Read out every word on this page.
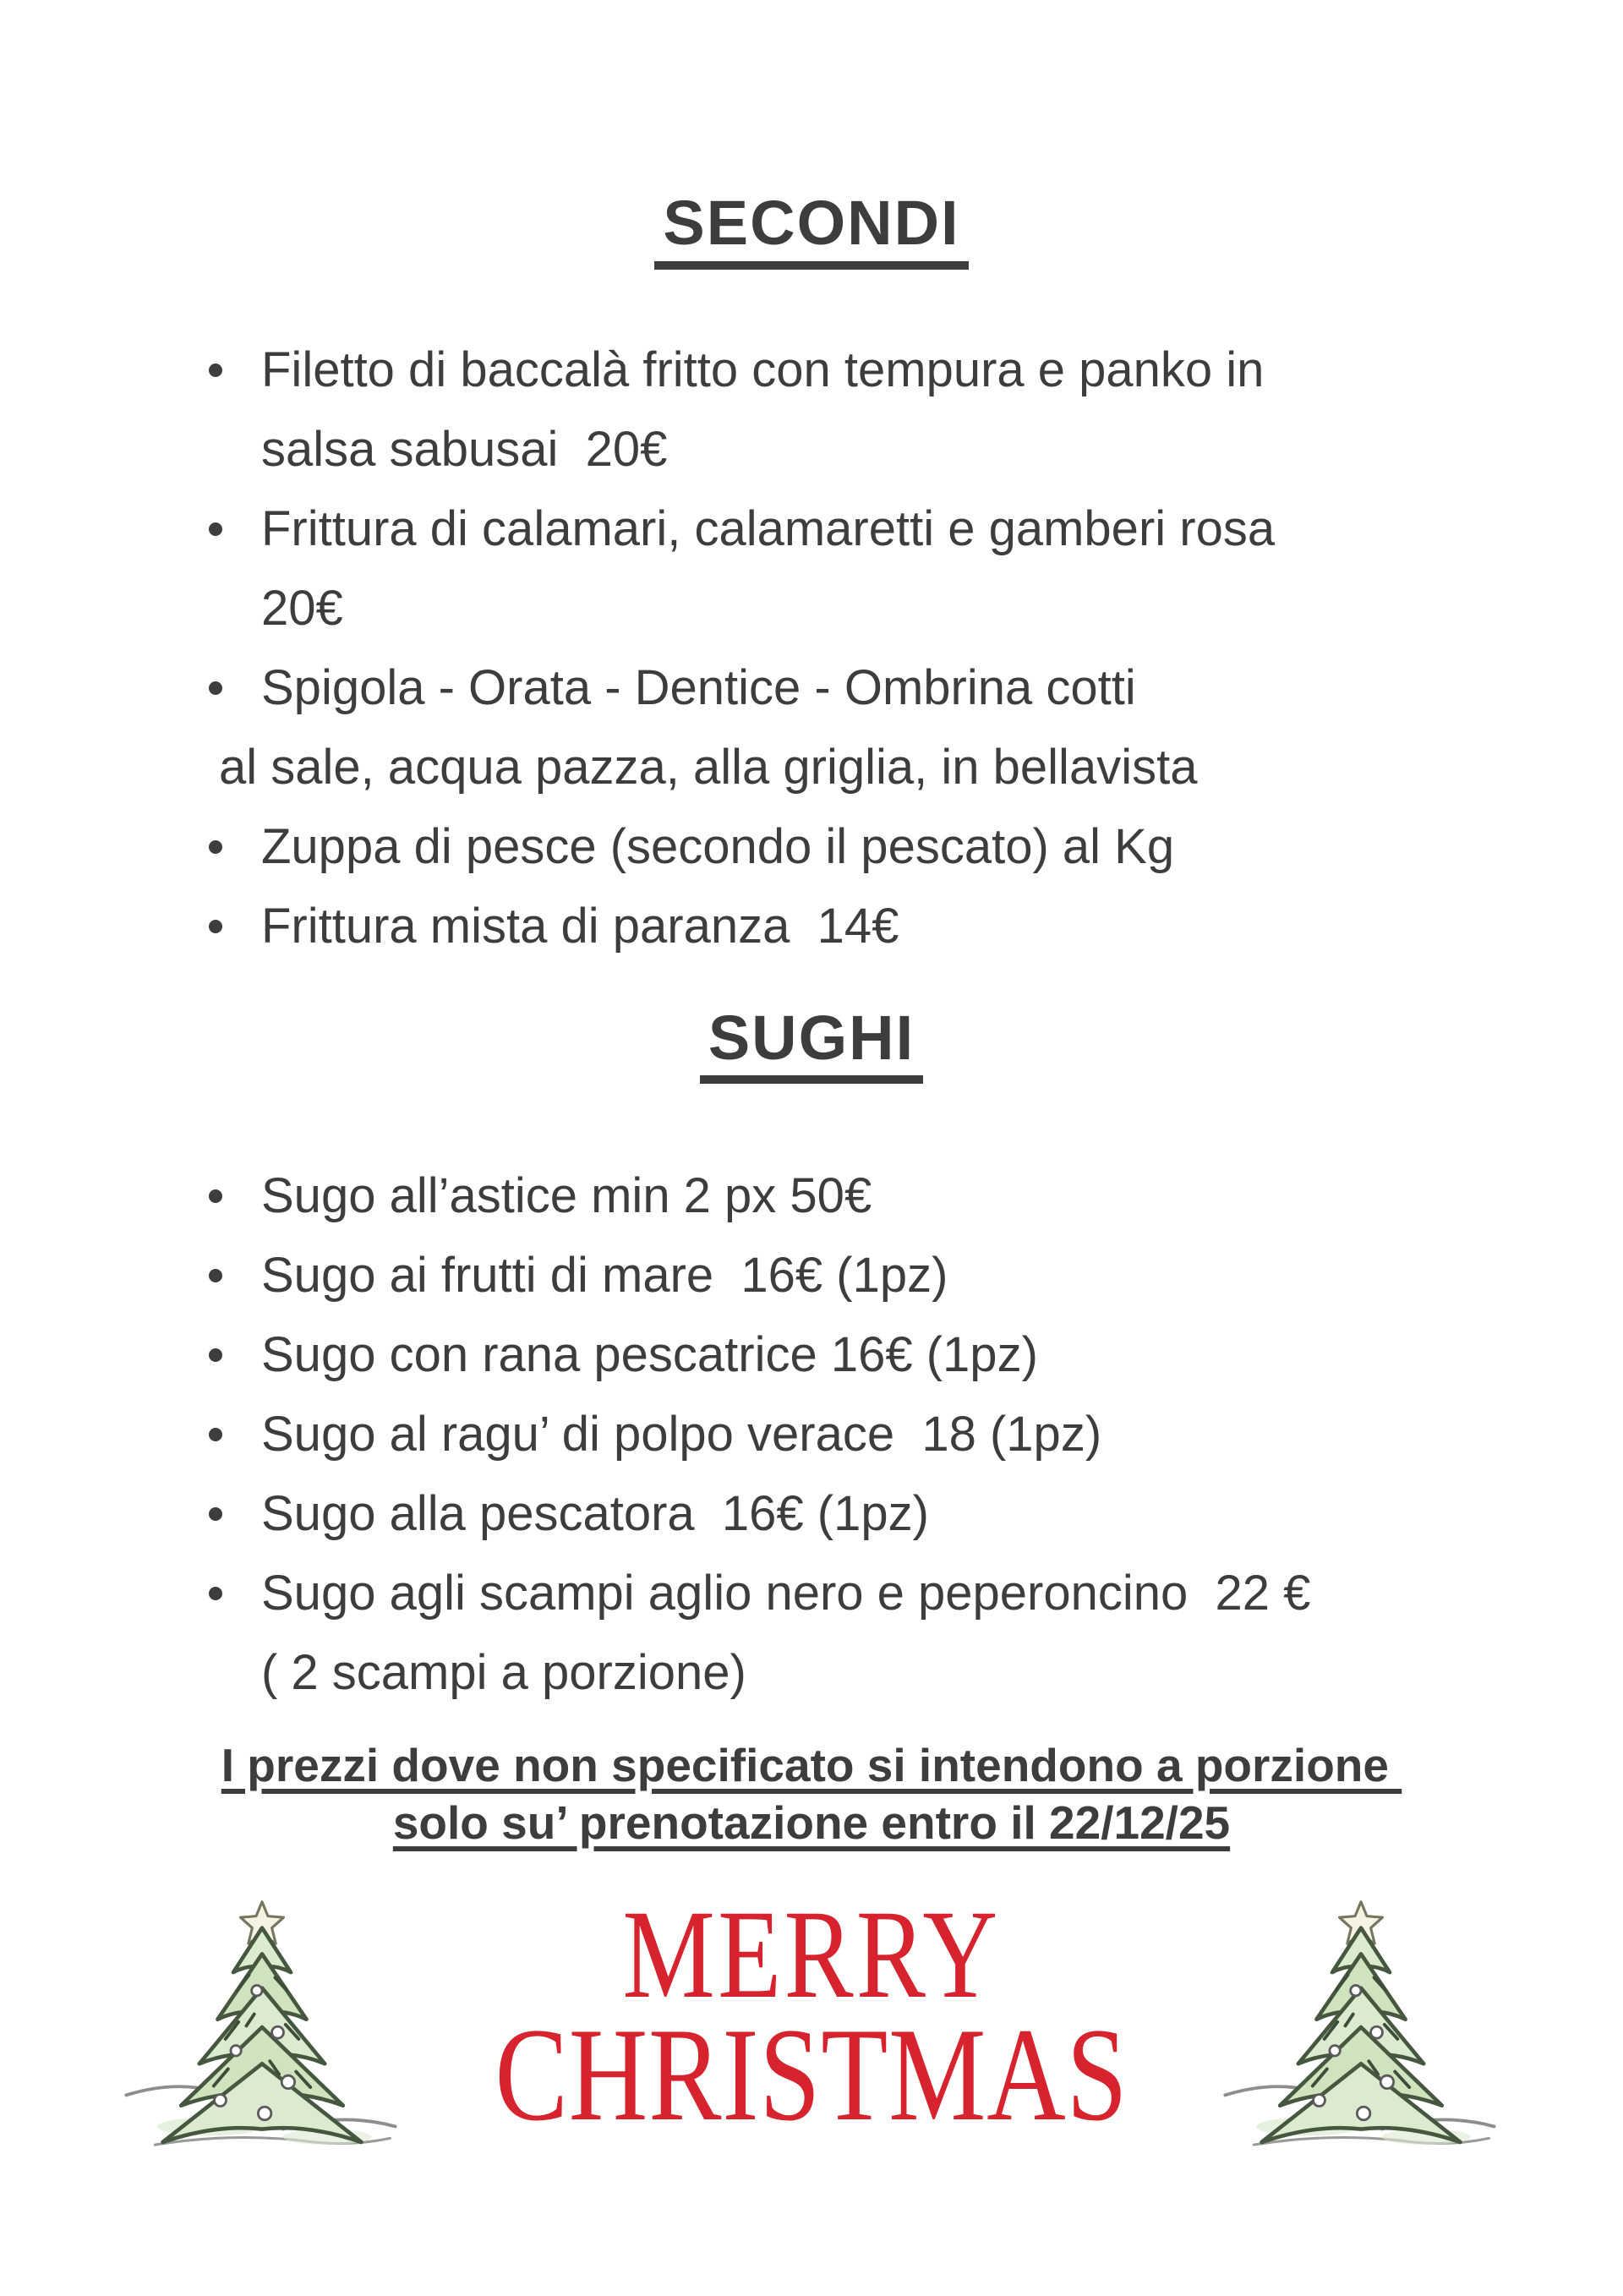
SECONDI
Filetto di baccalà fritto con tempura e panko in
salsa sabusai  20€
Frittura di calamari, calamaretti e gamberi rosa
20€
Spigola - Orata - Dentice - Ombrina cotti
al sale, acqua pazza, alla griglia, in bellavista
Zuppa di pesce (secondo il pescato) al Kg
Frittura mista di paranza  14€
SUGHI
Sugo all’astice min 2 px 50€
Sugo ai frutti di mare  16€ (1pz)
Sugo con rana pescatrice 16€ (1pz)
Sugo al ragu’ di polpo verace  18 (1pz)
Sugo alla pescatora  16€ (1pz)
Sugo agli scampi aglio nero e peperoncino  22 €
( 2 scampi a porzione)
I prezzi dove non specificato si intendono a porzione
solo su’ prenotazione entro il 22/12/25
MERRY
CHRISTMAS
